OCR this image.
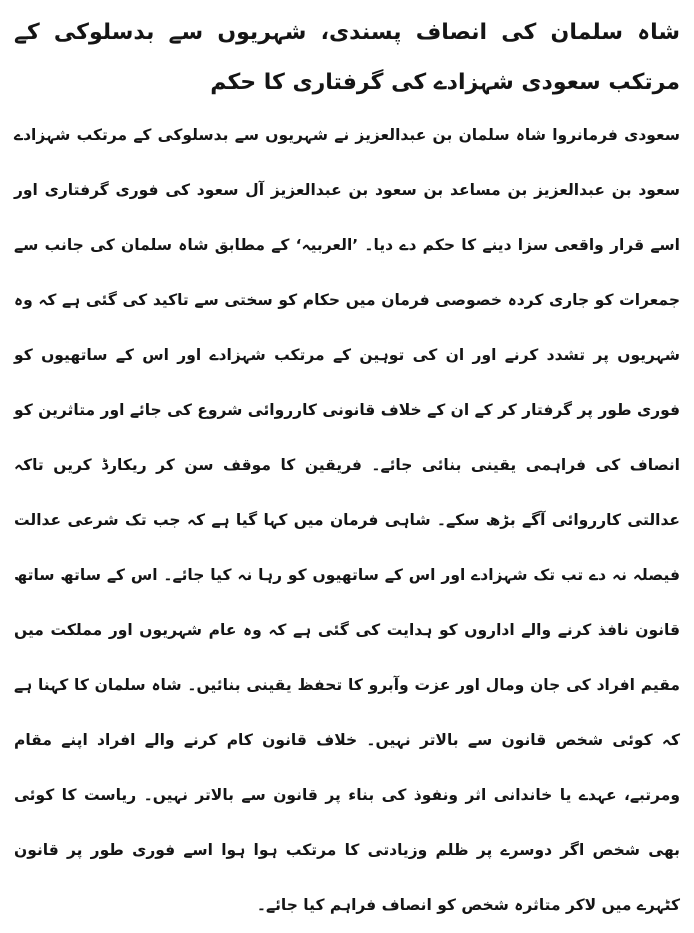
شاہ سلمان کی انصاف پسندی، شہریوں سے بدسلوکی کے مرتکب سعودی شہزادے کی گرفتاری کا حکم

سعودی فرمانروا شاہ سلمان بن عبدالعزیز نے شہریوں سے بدسلوکی کے مرتکب شہزادے سعود بن عبدالعزیز بن مساعد بن سعود بن عبدالعزیز آل سعود کی فوری گرفتاری اور اسے قرار واقعی سزا دینے کا حکم دے دیا۔ ’العربیہ‘ کے مطابق شاہ سلمان کی جانب سے جمعرات کو جاری کردہ خصوصی فرمان میں حکام کو سختی سے تاکید کی گئی ہے کہ وہ شہریوں پر تشدد کرنے اور ان کی توہین کے مرتکب شہزادے اور اس کے ساتھیوں کو فوری طور پر گرفتار کر کے ان کے خلاف قانونی کارروائی شروع کی جائے اور متاثرین کو انصاف کی فراہمی یقینی بنائی جائے۔ فریقین کا موقف سن کر ریکارڈ کریں تاکہ عدالتی کارروائی آگے بڑھ سکے۔ شاہی فرمان میں کہا گیا ہے کہ جب تک شرعی عدالت فیصلہ نہ دے تب تک شہزادے اور اس کے ساتھیوں کو رہا نہ کیا جائے۔ اس کے ساتھ ساتھ قانون نافذ کرنے والے اداروں کو ہدایت کی گئی ہے کہ وہ عام شہریوں اور مملکت میں مقیم افراد کی جان ومال اور عزت وآبرو کا تحفظ یقینی بنائیں۔ شاہ سلمان کا کہنا ہے کہ کوئی شخص قانون سے بالاتر نہیں۔ خلاف قانون کام کرنے والے افراد اپنے مقام ومرتبے، عہدے یا خاندانی اثر ونفوذ کی بناء پر قانون سے بالاتر نہیں۔ ریاست کا کوئی بھی شخص اگر دوسرے پر ظلم وزیادتی کا مرتکب ہوا ہوا اسے فوری طور پر قانون کٹہرے میں لاکر متاثرہ شخص کو انصاف فراہم کیا جائے۔
